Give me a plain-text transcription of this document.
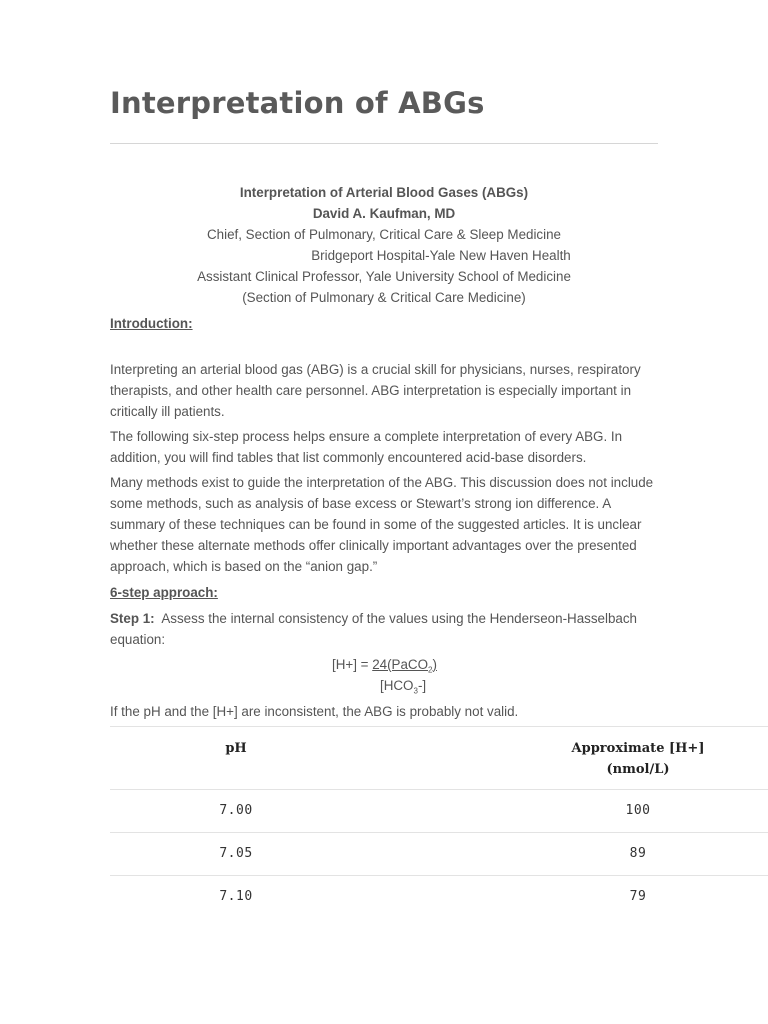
Interpretation of ABGs
Interpretation of Arterial Blood Gases (ABGs)
David A. Kaufman, MD
Chief, Section of Pulmonary, Critical Care & Sleep Medicine
Bridgeport Hospital-Yale New Haven Health
Assistant Clinical Professor, Yale University School of Medicine
(Section of Pulmonary & Critical Care Medicine)
Introduction:

Interpreting an arterial blood gas (ABG) is a crucial skill for physicians, nurses, respiratory therapists, and other health care personnel. ABG interpretation is especially important in critically ill patients.

The following six-step process helps ensure a complete interpretation of every ABG. In addition, you will find tables that list commonly encountered acid-base disorders.

Many methods exist to guide the interpretation of the ABG. This discussion does not include some methods, such as analysis of base excess or Stewart’s strong ion difference. A summary of these techniques can be found in some of the suggested articles. It is unclear whether these alternate methods offer clinically important advantages over the presented approach, which is based on the “anion gap.”

6-step approach:

Step 1: Assess the internal consistency of the values using the Henderseon-Hasselbach equation:

[H+] = 24(PaCO$_2$)
$[HCO_3-]$

If the pH and the [H+] are inconsistent, the ABG is probably not valid.

pH	Approximate [H+]
(nmol/L)
7.00	100
7.05	89
7.10	79
